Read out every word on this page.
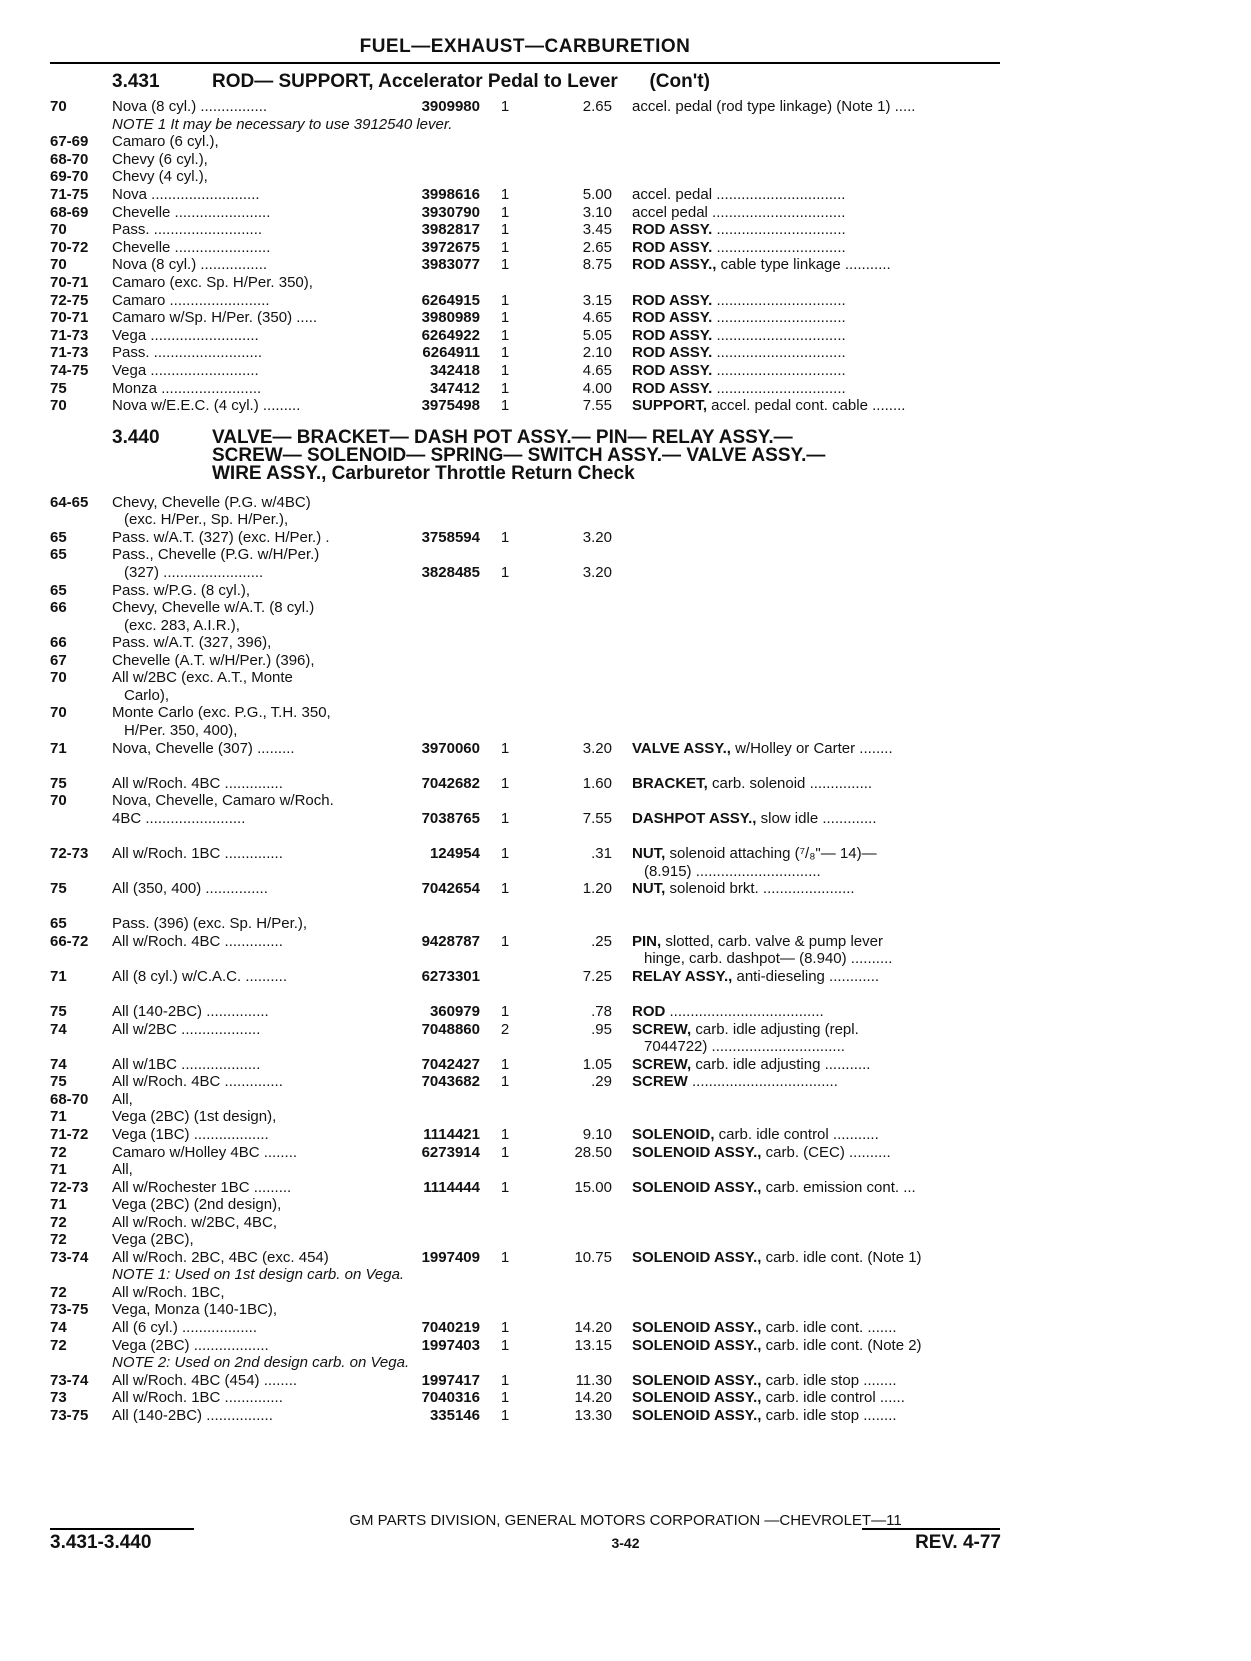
FUEL—EXHAUST—CARBURETION
3.431	ROD— SUPPORT, Accelerator Pedal to Lever      (Con't)
70	Nova (8 cyl.) ................	3909980 1	2.65 accel. pedal (rod type linkage) (Note 1) .....
NOTE 1 It may be necessary to use 3912540 lever.
67-69 Camaro (6 cyl.),
68-70 Chevy (6 cyl.),
69-70 Chevy (4 cyl.),
71-75 Nova ..........................	3998616 1	5.00 accel. pedal ...............................
68-69 Chevelle .......................	3930790 1	3.10 accel pedal ................................
70	Pass. ..........................	3982817 1	3.45 ROD ASSY. ...............................
70-72 Chevelle .......................	3972675 1	2.65 ROD ASSY. ...............................
70	Nova (8 cyl.) ................	3983077 1	8.75 ROD ASSY., cable type linkage ...........
70-71 Camaro (exc. Sp. H/Per. 350),
72-75 Camaro ........................	6264915 1	3.15 ROD ASSY. ...............................
70-71 Camaro w/Sp. H/Per. (350) .....	3980989 1	4.65 ROD ASSY. ...............................
71-73 Vega ..........................	6264922 1	5.05 ROD ASSY. ...............................
71-73 Pass. ..........................	6264911 1	2.10 ROD ASSY. ...............................
74-75 Vega ..........................	342418 1	4.65 ROD ASSY. ...............................
75	Monza ........................	347412 1	4.00 ROD ASSY. ...............................
70	Nova w/E.E.C. (4 cyl.) .........	3975498 1	7.55 SUPPORT, accel. pedal cont. cable ........
3.440	VALVE— BRACKET— DASH POT ASSY.— PIN— RELAY ASSY.—
SCREW— SOLENOID— SPRING— SWITCH ASSY.— VALVE ASSY.—
WIRE ASSY., Carburetor Throttle Return Check
64-65 Chevy, Chevelle (P.G. w/4BC)
(exc. H/Per., Sp. H/Per.),
65	Pass. w/A.T. (327) (exc. H/Per.) .	3758594 1	3.20
65	Pass., Chevelle (P.G. w/H/Per.)
(327) ........................	3828485 1	3.20
65	Pass. w/P.G. (8 cyl.),
66	Chevy, Chevelle w/A.T. (8 cyl.)
(exc. 283, A.I.R.),
66	Pass. w/A.T. (327, 396),
67	Chevelle (A.T. w/H/Per.) (396),
70	All w/2BC (exc. A.T., Monte
Carlo),
70	Monte Carlo (exc. P.G., T.H. 350,
H/Per. 350, 400),
71	Nova, Chevelle (307) .........	3970060 1	3.20 VALVE ASSY., w/Holley or Carter ........
75	All w/Roch. 4BC ..............	7042682 1	1.60 BRACKET, carb. solenoid ...............
70	Nova, Chevelle, Camaro w/Roch.
4BC ........................	7038765 1	7.55 DASHPOT ASSY., slow idle .............
72-73 All w/Roch. 1BC ..............	124954 1	.31 NUT, solenoid attaching (⁷/₈"— 14)—
(8.915) ..............................
75	All (350, 400) ...............	7042654 1	1.20 NUT, solenoid brkt. ......................
65	Pass. (396) (exc. Sp. H/Per.),
66-72 All w/Roch. 4BC ..............	9428787 1	.25 PIN, slotted, carb. valve & pump lever
hinge, carb. dashpot— (8.940) ..........
71	All (8 cyl.) w/C.A.C. ..........	6273301	7.25 RELAY ASSY., anti-dieseling ............
75	All (140-2BC) ...............	360979 1	.78 ROD .....................................
74	All w/2BC ...................	7048860 2	.95 SCREW, carb. idle adjusting (repl.
7044722) ................................
74	All w/1BC ...................	7042427 1	1.05 SCREW, carb. idle adjusting ...........
75	All w/Roch. 4BC ..............	7043682 1	.29 SCREW ...................................
68-70 All,
71	Vega (2BC) (1st design),
71-72 Vega (1BC) ..................	1114421 1	9.10 SOLENOID, carb. idle control ...........
72	Camaro w/Holley 4BC ........	6273914 1	28.50 SOLENOID ASSY., carb. (CEC) ..........
71	All,
72-73 All w/Rochester 1BC .........	1114444 1	15.00 SOLENOID ASSY., carb. emission cont. ...
71	Vega (2BC) (2nd design),
72	All w/Roch. w/2BC, 4BC,
72	Vega (2BC),
73-74 All w/Roch. 2BC, 4BC (exc. 454)	1997409 1	10.75 SOLENOID ASSY., carb. idle cont. (Note 1)
NOTE 1: Used on 1st design carb. on Vega.
72	All w/Roch. 1BC,
73-75 Vega, Monza (140-1BC),
74	All (6 cyl.) ..................	7040219 1	14.20 SOLENOID ASSY., carb. idle cont. .......
72	Vega (2BC) ..................	1997403 1	13.15 SOLENOID ASSY., carb. idle cont. (Note 2)
NOTE 2: Used on 2nd design carb. on Vega.
73-74 All w/Roch. 4BC (454) ........	1997417 1	11.30 SOLENOID ASSY., carb. idle stop ........
73	All w/Roch. 1BC ..............	7040316 1	14.20 SOLENOID ASSY., carb. idle control ......
73-75 All (140-2BC) ................	335146 1	13.30 SOLENOID ASSY., carb. idle stop ........
GM PARTS DIVISION, GENERAL MOTORS CORPORATION —CHEVROLET—11
3.431-3.440	3-42	REV. 4-77
